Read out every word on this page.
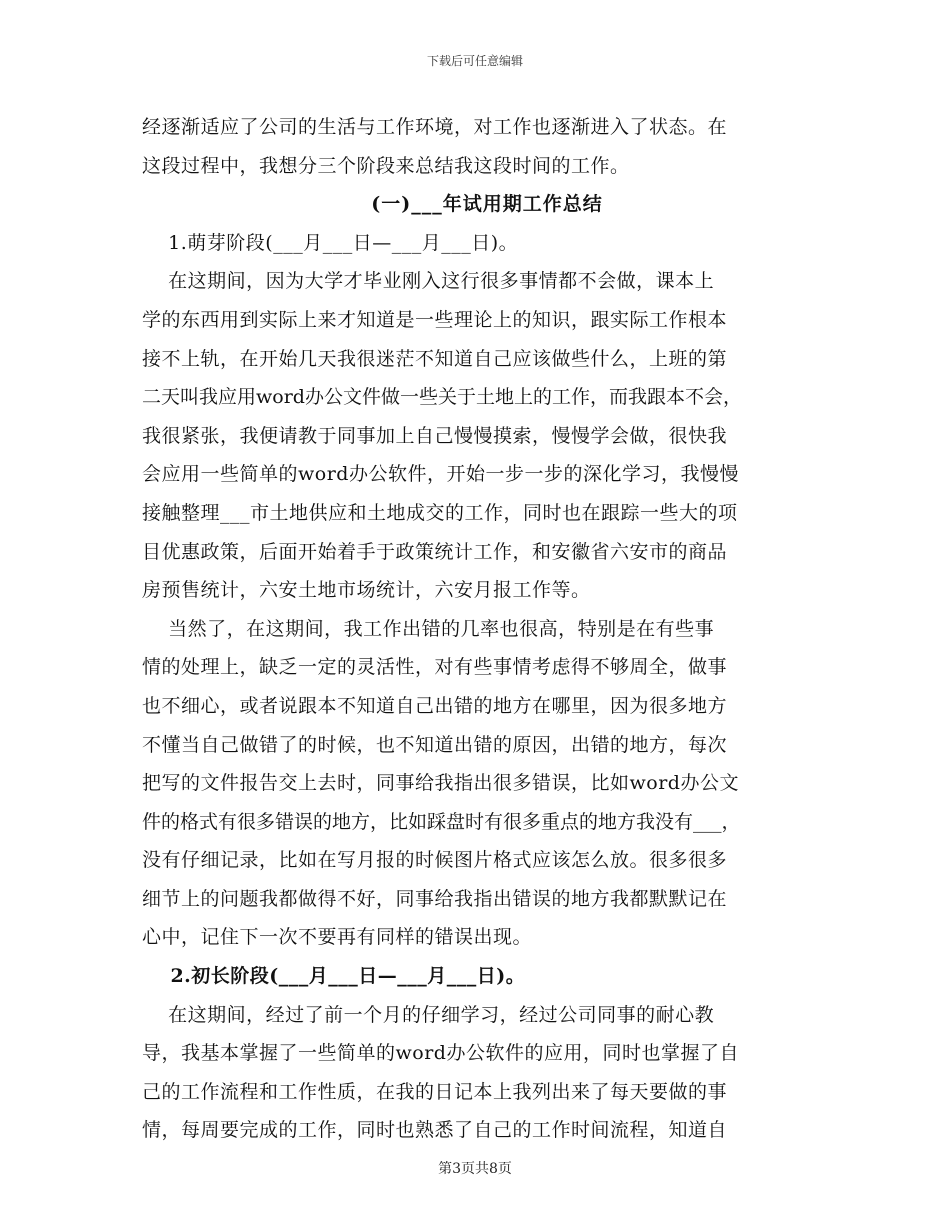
下载后可任意编辑
经逐渐适应了公司的生活与工作环境，对工作也逐渐进入了状态。在
这段过程中，我想分三个阶段来总结我这段时间的工作。
(一)___年试用期工作总结
1.萌芽阶段(___月___日—___月___日)。
在这期间，因为大学才毕业刚入这行很多事情都不会做，课本上
学的东西用到实际上来才知道是一些理论上的知识，跟实际工作根本
接不上轨，在开始几天我很迷茫不知道自己应该做些什么，上班的第
二天叫我应用word办公文件做一些关于土地上的工作，而我跟本不会，
我很紧张，我便请教于同事加上自己慢慢摸索，慢慢学会做，很快我
会应用一些简单的word办公软件，开始一步一步的深化学习，我慢慢
接触整理___市土地供应和土地成交的工作，同时也在跟踪一些大的项
目优惠政策，后面开始着手于政策统计工作，和安徽省六安市的商品
房预售统计，六安土地市场统计，六安月报工作等。
当然了，在这期间，我工作出错的几率也很高，特别是在有些事
情的处理上，缺乏一定的灵活性，对有些事情考虑得不够周全，做事
也不细心，或者说跟本不知道自己出错的地方在哪里，因为很多地方
不懂当自己做错了的时候，也不知道出错的原因，出错的地方，每次
把写的文件报告交上去时，同事给我指出很多错误，比如word办公文
件的格式有很多错误的地方，比如踩盘时有很多重点的地方我没有___，
没有仔细记录，比如在写月报的时候图片格式应该怎么放。很多很多
细节上的问题我都做得不好，同事给我指出错误的地方我都默默记在
心中，记住下一次不要再有同样的错误出现。
2.初长阶段(___月___日—___月___日)。
在这期间，经过了前一个月的仔细学习，经过公司同事的耐心教
导，我基本掌握了一些简单的word办公软件的应用，同时也掌握了自
己的工作流程和工作性质，在我的日记本上我列出来了每天要做的事
情，每周要完成的工作，同时也熟悉了自己的工作时间流程，知道自
第3页共8页
